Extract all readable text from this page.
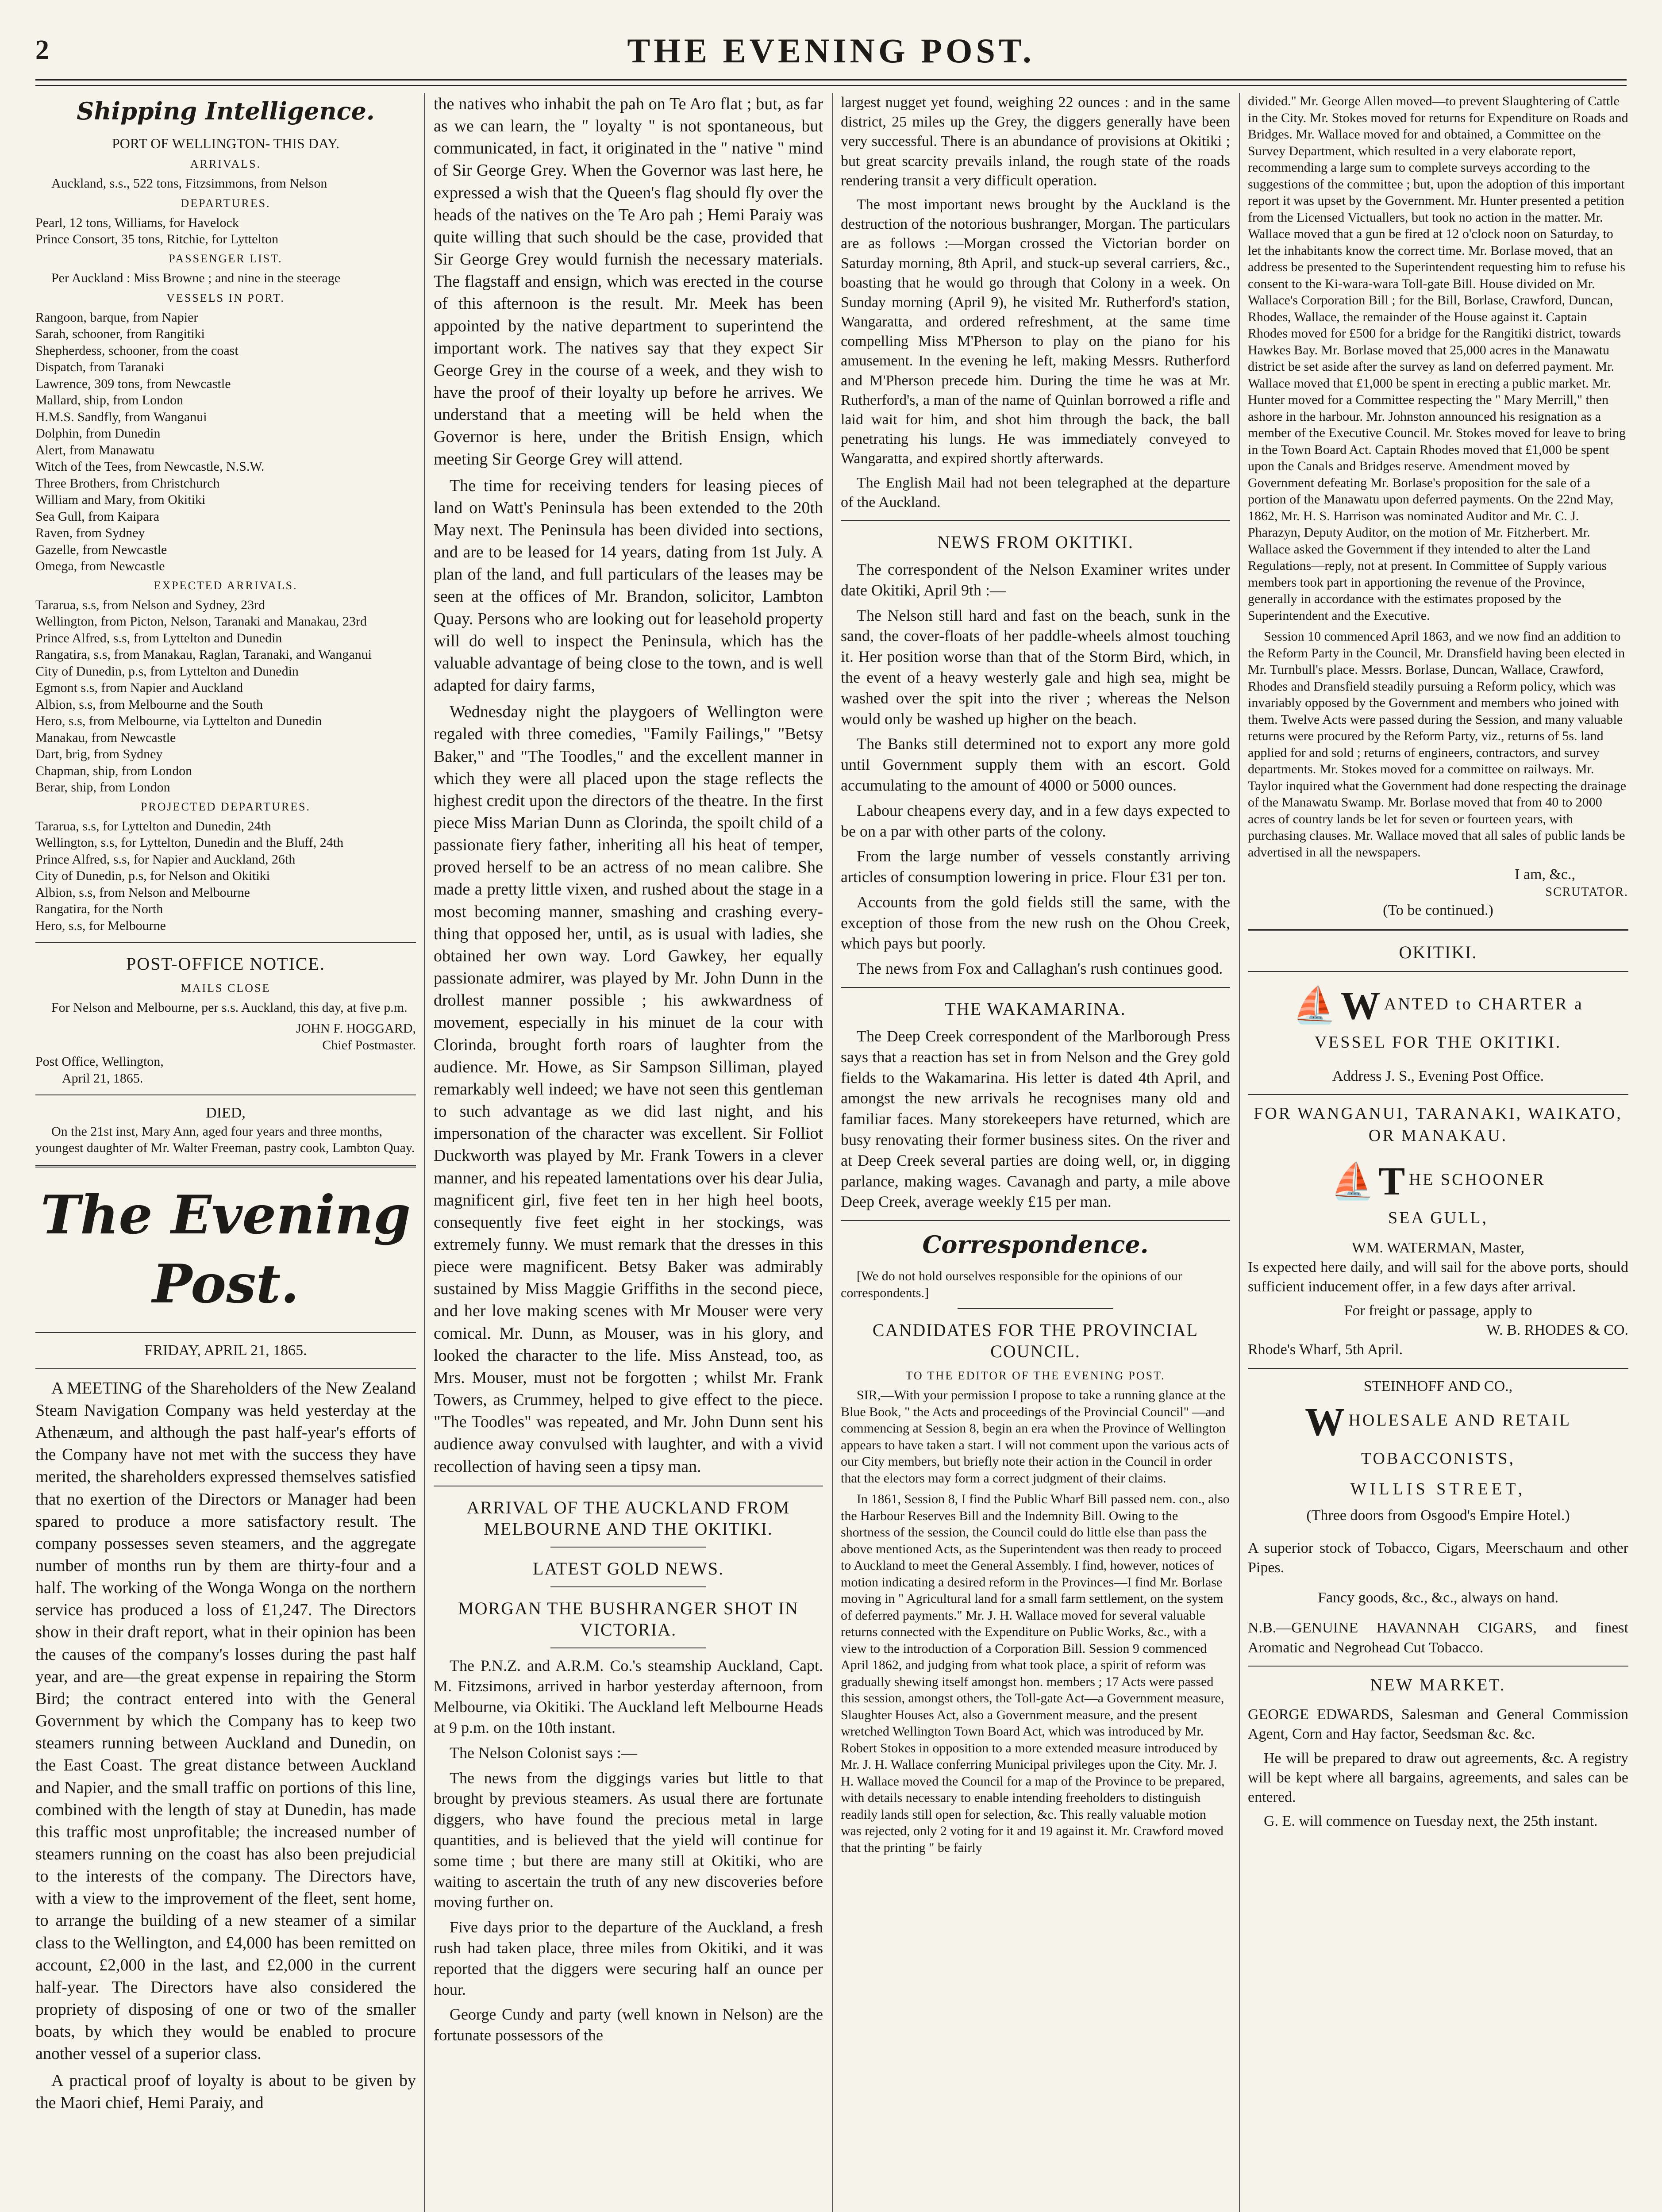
2	THE EVENING POST.
Shipping Intelligence.
PORT OF WELLINGTON- THIS DAY.
ARRIVALS.

Auckland, s.s., 522 tons, Fitzsimmons, from Nelson

DEPARTURES.
Pearl, 12 tons, Williams, for Havelock
Prince Consort, 35 tons, Ritchie, for Lyttelton
PASSENGER LIST.

Per Auckland : Miss Browne ; and nine in the steerage

VESSELS IN PORT.
Rangoon, barque, from Napier
Sarah, schooner, from Rangitiki
Shepherdess, schooner, from the coast
Dispatch, from Taranaki
Lawrence, 309 tons, from Newcastle
Mallard, ship, from London
H.M.S. Sandfly, from Wanganui
Dolphin, from Dunedin
Alert, from Manawatu
Witch of the Tees, from Newcastle, N.S.W.
Three Brothers, from Christchurch
William and Mary, from Okitiki
Sea Gull, from Kaipara
Raven, from Sydney
Gazelle, from Newcastle
Omega, from Newcastle
EXPECTED ARRIVALS.
Tararua, s.s, from Nelson and Sydney, 23rd
Wellington, from Picton, Nelson, Taranaki and Manakau, 23rd
Prince Alfred, s.s, from Lyttelton and Dunedin
Rangatira, s.s, from Manakau, Raglan, Taranaki, and Wanganui
City of Dunedin, p.s, from Lyttelton and Dunedin
Egmont s.s, from Napier and Auckland
Albion, s.s, from Melbourne and the South
Hero, s.s, from Melbourne, via Lyttelton and Dunedin
Manakau, from Newcastle
Dart, brig, from Sydney
Chapman, ship, from London
Berar, ship, from London
PROJECTED DEPARTURES.
Tararua, s.s, for Lyttelton and Dunedin, 24th
Wellington, s.s, for Lyttelton, Dunedin and the Bluff, 24th
Prince Alfred, s.s, for Napier and Auckland, 26th
City of Dunedin, p.s, for Nelson and Okitiki
Albion, s.s, from Nelson and Melbourne
Rangatira, for the North
Hero, s.s, for Melbourne
POST-OFFICE NOTICE.
MAILS CLOSE

For Nelson and Melbourne, per s.s. Auckland, this day, at five p.m.

JOHN F. HOGGARD,
Chief Postmaster.
Post Office, Wellington,
April 21, 1865.
DIED,

On the 21st inst, Mary Ann, aged four years and three months, youngest daughter of Mr. Walter Freeman, pastry cook, Lambton Quay.

The Evening Post.
FRIDAY, APRIL 21, 1865.

A MEETING of the Shareholders of the New Zealand Steam Navigation Company was held yesterday at the Athenæum, and although the past half-year's efforts of the Company have not met with the success they have merited, the shareholders expressed themselves satisfied that no exertion of the Directors or Manager had been spared to produce a more satisfactory result. The company possesses seven steamers, and the aggregate number of months run by them are thirty-four and a half. The working of the Wonga Wonga on the northern service has produced a loss of £1,247. The Directors show in their draft report, what in their opinion has been the causes of the company's losses during the past half year, and are—the great expense in repairing the Storm Bird; the contract entered into with the General Government by which the Company has to keep two steamers running between Auckland and Dunedin, on the East Coast. The great distance between Auckland and Napier, and the small traffic on portions of this line, combined with the length of stay at Dunedin, has made this traffic most unprofitable; the increased number of steamers running on the coast has also been prejudicial to the interests of the company. The Directors have, with a view to the improvement of the fleet, sent home, to arrange the building of a new steamer of a similar class to the Wellington, and £4,000 has been remitted on account, £2,000 in the last, and £2,000 in the current half-year. The Directors have also considered the propriety of disposing of one or two of the smaller boats, by which they would be enabled to procure another vessel of a superior class.

A practical proof of loyalty is about to be given by the Maori chief, Hemi Paraiy, and

the natives who inhabit the pah on Te Aro flat ; but, as far as we can learn, the " loyalty " is not spontaneous, but communicated, in fact, it originated in the " native " mind of Sir George Grey. When the Governor was last here, he expressed a wish that the Queen's flag should fly over the heads of the natives on the Te Aro pah ; Hemi Paraiy was quite willing that such should be the case, provided that Sir George Grey would furnish the necessary materials. The flagstaff and ensign, which was erected in the course of this afternoon is the result. Mr. Meek has been appointed by the native department to superintend the important work. The natives say that they expect Sir George Grey in the course of a week, and they wish to have the proof of their loyalty up before he arrives. We understand that a meeting will be held when the Governor is here, under the British Ensign, which meeting Sir George Grey will attend.

The time for receiving tenders for leasing pieces of land on Watt's Peninsula has been extended to the 20th May next. The Peninsula has been divided into sections, and are to be leased for 14 years, dating from 1st July. A plan of the land, and full particulars of the leases may be seen at the offices of Mr. Brandon, solicitor, Lambton Quay. Persons who are looking out for leasehold property will do well to inspect the Peninsula, which has the valuable advantage of being close to the town, and is well adapted for dairy farms,

Wednesday night the playgoers of Wellington were regaled with three comedies, "Family Failings," "Betsy Baker," and "The Toodles," and the excellent manner in which they were all placed upon the stage reflects the highest credit upon the directors of the theatre. In the first piece Miss Marian Dunn as Clorinda, the spoilt child of a passionate fiery father, inheriting all his heat of temper, proved herself to be an actress of no mean calibre. She made a pretty little vixen, and rushed about the stage in a most becoming manner, smashing and crashing every-thing that opposed her, until, as is usual with ladies, she obtained her own way. Lord Gawkey, her equally passionate admirer, was played by Mr. John Dunn in the drollest manner possible ; his awkwardness of movement, especially in his minuet de la cour with Clorinda, brought forth roars of laughter from the audience. Mr. Howe, as Sir Sampson Silliman, played remarkably well indeed; we have not seen this gentleman to such advantage as we did last night, and his impersonation of the character was excellent. Sir Folliot Duckworth was played by Mr. Frank Towers in a clever manner, and his repeated lamentations over his dear Julia, magnificent girl, five feet ten in her high heel boots, consequently five feet eight in her stockings, was extremely funny. We must remark that the dresses in this piece were magnificent. Betsy Baker was admirably sustained by Miss Maggie Griffiths in the second piece, and her love making scenes with Mr Mouser were very comical. Mr. Dunn, as Mouser, was in his glory, and looked the character to the life. Miss Anstead, too, as Mrs. Mouser, must not be forgotten ; whilst Mr. Frank Towers, as Crummey, helped to give effect to the piece. "The Toodles" was repeated, and Mr. John Dunn sent his audience away convulsed with laughter, and with a vivid recollection of having seen a tipsy man.

ARRIVAL OF THE AUCKLAND FROM MELBOURNE AND THE OKITIKI.
LATEST GOLD NEWS.
MORGAN THE BUSHRANGER SHOT IN VICTORIA.

The P.N.Z. and A.R.M. Co.'s steamship Auckland, Capt. M. Fitzsimons, arrived in harbor yesterday afternoon, from Melbourne, via Okitiki. The Auckland left Melbourne Heads at 9 p.m. on the 10th instant.

The Nelson Colonist says :—

The news from the diggings varies but little to that brought by previous steamers. As usual there are fortunate diggers, who have found the precious metal in large quantities, and is believed that the yield will continue for some time ; but there are many still at Okitiki, who are waiting to ascertain the truth of any new discoveries before moving further on.

Five days prior to the departure of the Auckland, a fresh rush had taken place, three miles from Okitiki, and it was reported that the diggers were securing half an ounce per hour.

George Cundy and party (well known in Nelson) are the fortunate possessors of the

largest nugget yet found, weighing 22 ounces : and in the same district, 25 miles up the Grey, the diggers generally have been very successful. There is an abundance of provisions at Okitiki ; but great scarcity prevails inland, the rough state of the roads rendering transit a very difficult operation.

The most important news brought by the Auckland is the destruction of the notorious bushranger, Morgan. The particulars are as follows :—Morgan crossed the Victorian border on Saturday morning, 8th April, and stuck-up several carriers, &c., boasting that he would go through that Colony in a week. On Sunday morning (April 9), he visited Mr. Rutherford's station, Wangaratta, and ordered refreshment, at the same time compelling Miss M'Pherson to play on the piano for his amusement. In the evening he left, making Messrs. Rutherford and M'Pherson precede him. During the time he was at Mr. Rutherford's, a man of the name of Quinlan borrowed a rifle and laid wait for him, and shot him through the back, the ball penetrating his lungs. He was immediately conveyed to Wangaratta, and expired shortly afterwards.

The English Mail had not been telegraphed at the departure of the Auckland.

NEWS FROM OKITIKI.

The correspondent of the Nelson Examiner writes under date Okitiki, April 9th :—

The Nelson still hard and fast on the beach, sunk in the sand, the cover-floats of her paddle-wheels almost touching it. Her position worse than that of the Storm Bird, which, in the event of a heavy westerly gale and high sea, might be washed over the spit into the river ; whereas the Nelson would only be washed up higher on the beach.

The Banks still determined not to export any more gold until Government supply them with an escort. Gold accumulating to the amount of 4000 or 5000 ounces.

Labour cheapens every day, and in a few days expected to be on a par with other parts of the colony.

From the large number of vessels constantly arriving articles of consumption lowering in price. Flour £31 per ton.

Accounts from the gold fields still the same, with the exception of those from the new rush on the Ohou Creek, which pays but poorly.

The news from Fox and Callaghan's rush continues good.

THE WAKAMARINA.

The Deep Creek correspondent of the Marlborough Press says that a reaction has set in from Nelson and the Grey gold fields to the Wakamarina. His letter is dated 4th April, and amongst the new arrivals he recognises many old and familiar faces. Many storekeepers have returned, which are busy renovating their former business sites. On the river and at Deep Creek several parties are doing well, or, in digging parlance, making wages. Cavanagh and party, a mile above Deep Creek, average weekly £15 per man.

Correspondence.

[We do not hold ourselves responsible for the opinions of our correspondents.]

CANDIDATES FOR THE PROVINCIAL COUNCIL.
TO THE EDITOR OF THE EVENING POST.

SIR,—With your permission I propose to take a running glance at the Blue Book, " the Acts and proceedings of the Provincial Council" —and commencing at Session 8, begin an era when the Province of Wellington appears to have taken a start. I will not comment upon the various acts of our City members, but briefly note their action in the Council in order that the electors may form a correct judgment of their claims.

In 1861, Session 8, I find the Public Wharf Bill passed nem. con., also the Harbour Reserves Bill and the Indemnity Bill. Owing to the shortness of the session, the Council could do little else than pass the above mentioned Acts, as the Superintendent was then ready to proceed to Auckland to meet the General Assembly. I find, however, notices of motion indicating a desired reform in the Provinces—I find Mr. Borlase moving in " Agricultural land for a small farm settlement, on the system of deferred payments." Mr. J. H. Wallace moved for several valuable returns connected with the Expenditure on Public Works, &c., with a view to the introduction of a Corporation Bill. Session 9 commenced April 1862, and judging from what took place, a spirit of reform was gradually shewing itself amongst hon. members ; 17 Acts were passed this session, amongst others, the Toll-gate Act—a Government measure, Slaughter Houses Act, also a Government measure, and the present wretched Wellington Town Board Act, which was introduced by Mr. Robert Stokes in opposition to a more extended measure introduced by Mr. J. H. Wallace conferring Municipal privileges upon the City. Mr. J. H. Wallace moved the Council for a map of the Province to be prepared, with details necessary to enable intending freeholders to distinguish readily lands still open for selection, &c. This really valuable motion was rejected, only 2 voting for it and 19 against it. Mr. Crawford moved that the printing " be fairly

divided." Mr. George Allen moved—to prevent Slaughtering of Cattle in the City. Mr. Stokes moved for returns for Expenditure on Roads and Bridges. Mr. Wallace moved for and obtained, a Committee on the Survey Department, which resulted in a very elaborate report, recommending a large sum to complete surveys according to the suggestions of the committee ; but, upon the adoption of this important report it was upset by the Government. Mr. Hunter presented a petition from the Licensed Victuallers, but took no action in the matter. Mr. Wallace moved that a gun be fired at 12 o'clock noon on Saturday, to let the inhabitants know the correct time. Mr. Borlase moved, that an address be presented to the Superintendent requesting him to refuse his consent to the Ki-wara-wara Toll-gate Bill. House divided on Mr. Wallace's Corporation Bill ; for the Bill, Borlase, Crawford, Duncan, Rhodes, Wallace, the remainder of the House against it. Captain Rhodes moved for £500 for a bridge for the Rangitiki district, towards Hawkes Bay. Mr. Borlase moved that 25,000 acres in the Manawatu district be set aside after the survey as land on deferred payment. Mr. Wallace moved that £1,000 be spent in erecting a public market. Mr. Hunter moved for a Committee respecting the " Mary Merrill," then ashore in the harbour. Mr. Johnston announced his resignation as a member of the Executive Council. Mr. Stokes moved for leave to bring in the Town Board Act. Captain Rhodes moved that £1,000 be spent upon the Canals and Bridges reserve. Amendment moved by Government defeating Mr. Borlase's proposition for the sale of a portion of the Manawatu upon deferred payments. On the 22nd May, 1862, Mr. H. S. Harrison was nominated Auditor and Mr. C. J. Pharazyn, Deputy Auditor, on the motion of Mr. Fitzherbert. Mr. Wallace asked the Government if they intended to alter the Land Regulations—reply, not at present. In Committee of Supply various members took part in apportioning the revenue of the Province, generally in accordance with the estimates proposed by the Superintendent and the Executive.

Session 10 commenced April 1863, and we now find an addition to the Reform Party in the Council, Mr. Dransfield having been elected in Mr. Turnbull's place. Messrs. Borlase, Duncan, Wallace, Crawford, Rhodes and Dransfield steadily pursuing a Reform policy, which was invariably opposed by the Government and members who joined with them. Twelve Acts were passed during the Session, and many valuable returns were procured by the Reform Party, viz., returns of 5s. land applied for and sold ; returns of engineers, contractors, and survey departments. Mr. Stokes moved for a committee on railways. Mr. Taylor inquired what the Government had done respecting the drainage of the Manawatu Swamp. Mr. Borlase moved that from 40 to 2000 acres of country lands be let for seven or fourteen years, with purchasing clauses. Mr. Wallace moved that all sales of public lands be advertised in all the newspapers.

I am, &c.,
SCRUTATOR.
(To be continued.)
OKITIKI.
⛵ W ANTED to CHARTER a
VESSEL FOR THE OKITIKI.
Address J. S., Evening Post Office.
FOR WANGANUI, TARANAKI, WAIKATO, OR MANAKAU.
⛵ T HE SCHOONER
SEA GULL,
WM. WATERMAN, Master,

Is expected here daily, and will sail for the above ports, should sufficient inducement offer, in a few days after arrival.

For freight or passage, apply to
W. B. RHODES & CO.
Rhode's Wharf, 5th April.
STEINHOFF AND CO.,
W HOLESALE AND RETAIL
TOBACCONISTS,
WILLIS STREET,
(Three doors from Osgood's Empire Hotel.)

A superior stock of Tobacco, Cigars, Meerschaum and other Pipes.

Fancy goods, &c., &c., always on hand.

N.B.—GENUINE HAVANNAH CIGARS, and finest Aromatic and Negrohead Cut Tobacco.

NEW MARKET.

GEORGE EDWARDS, Salesman and General Commission Agent, Corn and Hay factor, Seedsman &c. &c.

He will be prepared to draw out agreements, &c. A registry will be kept where all bargains, agreements, and sales can be entered.

G. E. will commence on Tuesday next, the 25th instant.
